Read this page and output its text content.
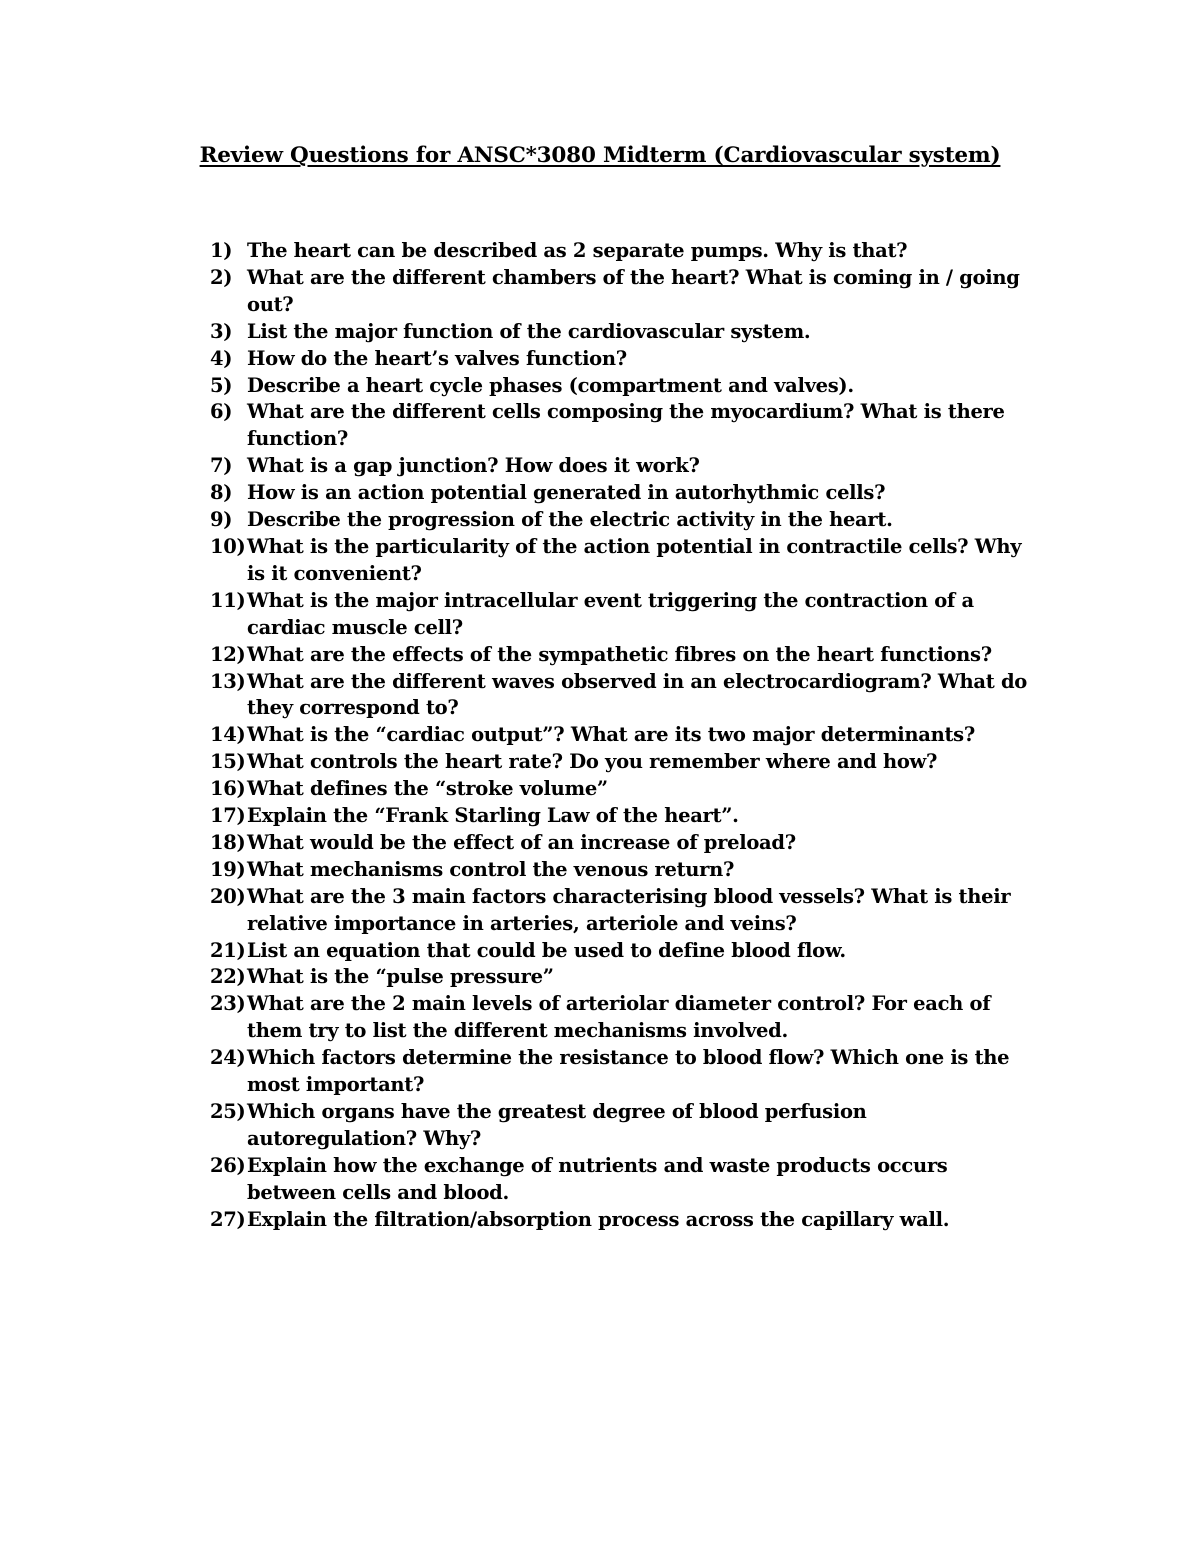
Review Questions for ANSC*3080 Midterm (Cardiovascular system)
1) The heart can be described as 2 separate pumps. Why is that?
2) What are the different chambers of the heart? What is coming in / going out?
3) List the major function of the cardiovascular system.
4) How do the heart’s valves function?
5) Describe a heart cycle phases (compartment and valves).
6) What are the different cells composing the myocardium? What is there function?
7) What is a gap junction? How does it work?
8) How is an action potential generated in autorhythmic cells?
9) Describe the progression of the electric activity in the heart.
10) What is the particularity of the action potential in contractile cells? Why is it convenient?
11) What is the major intracellular event triggering the contraction of a cardiac muscle cell?
12) What are the effects of the sympathetic fibres on the heart functions?
13) What are the different waves observed in an electrocardiogram? What do they correspond to?
14) What is the “cardiac output”? What are its two major determinants?
15) What controls the heart rate? Do you remember where and how?
16) What defines the “stroke volume”
17) Explain the “Frank Starling Law of the heart”.
18) What would be the effect of an increase of preload?
19) What mechanisms control the venous return?
20) What are the 3 main factors characterising blood vessels? What is their relative importance in arteries, arteriole and veins?
21) List an equation that could be used to define blood flow.
22) What is the “pulse pressure”
23) What are the 2 main levels of arteriolar diameter control? For each of them try to list the different mechanisms involved.
24) Which factors determine the resistance to blood flow? Which one is the most important?
25) Which organs have the greatest degree of blood perfusion autoregulation? Why?
26) Explain how the exchange of nutrients and waste products occurs between cells and blood.
27) Explain the filtration/absorption process across the capillary wall.
